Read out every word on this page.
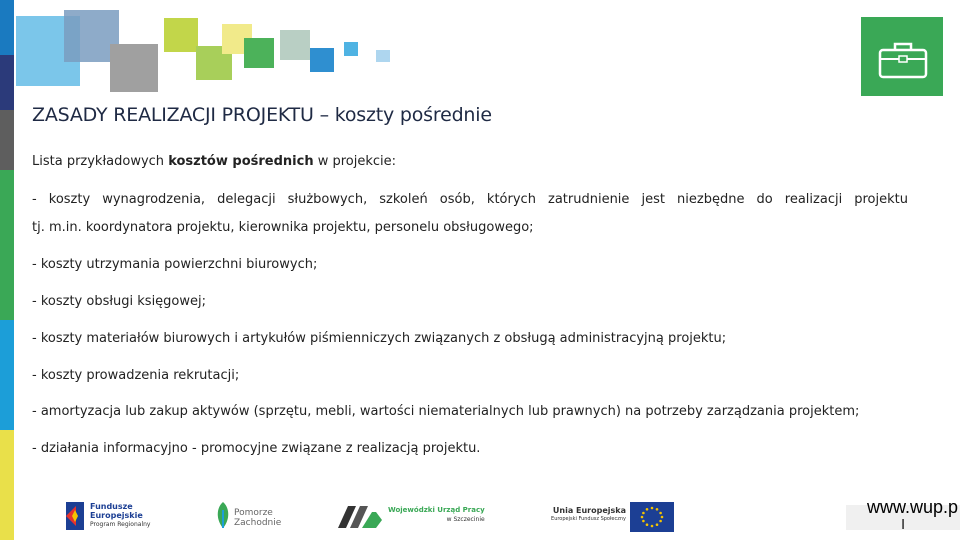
ZASADY REALIZACJI PROJEKTU – koszty pośrednie

Lista przykładowych kosztów pośrednich w projekcie:

- koszty wynagrodzenia, delegacji służbowych, szkoleń osób, których zatrudnienie jest niezbędne do realizacji projektu

tj. m.in. koordynatora projektu, kierownika projektu, personelu obsługowego;

- koszty utrzymania powierzchni biurowych;

- koszty obsługi księgowej;

- koszty materiałów biurowych i artykułów piśmienniczych związanych z obsługą administracyjną projektu;

- koszty prowadzenia rekrutacji;

- amortyzacja lub zakup aktywów (sprzętu, mebli, wartości niematerialnych lub prawnych) na potrzeby zarządzania projektem;

- działania informacyjno - promocyjne związane z realizacją projektu.

Fundusze
Europejskie
Program Regionalny
Pomorze
Zachodnie
Wojewódzki Urząd Pracy
w Szczecinie
Unia Europejska
Europejski Fundusz Społeczny
www.wup.p
l
